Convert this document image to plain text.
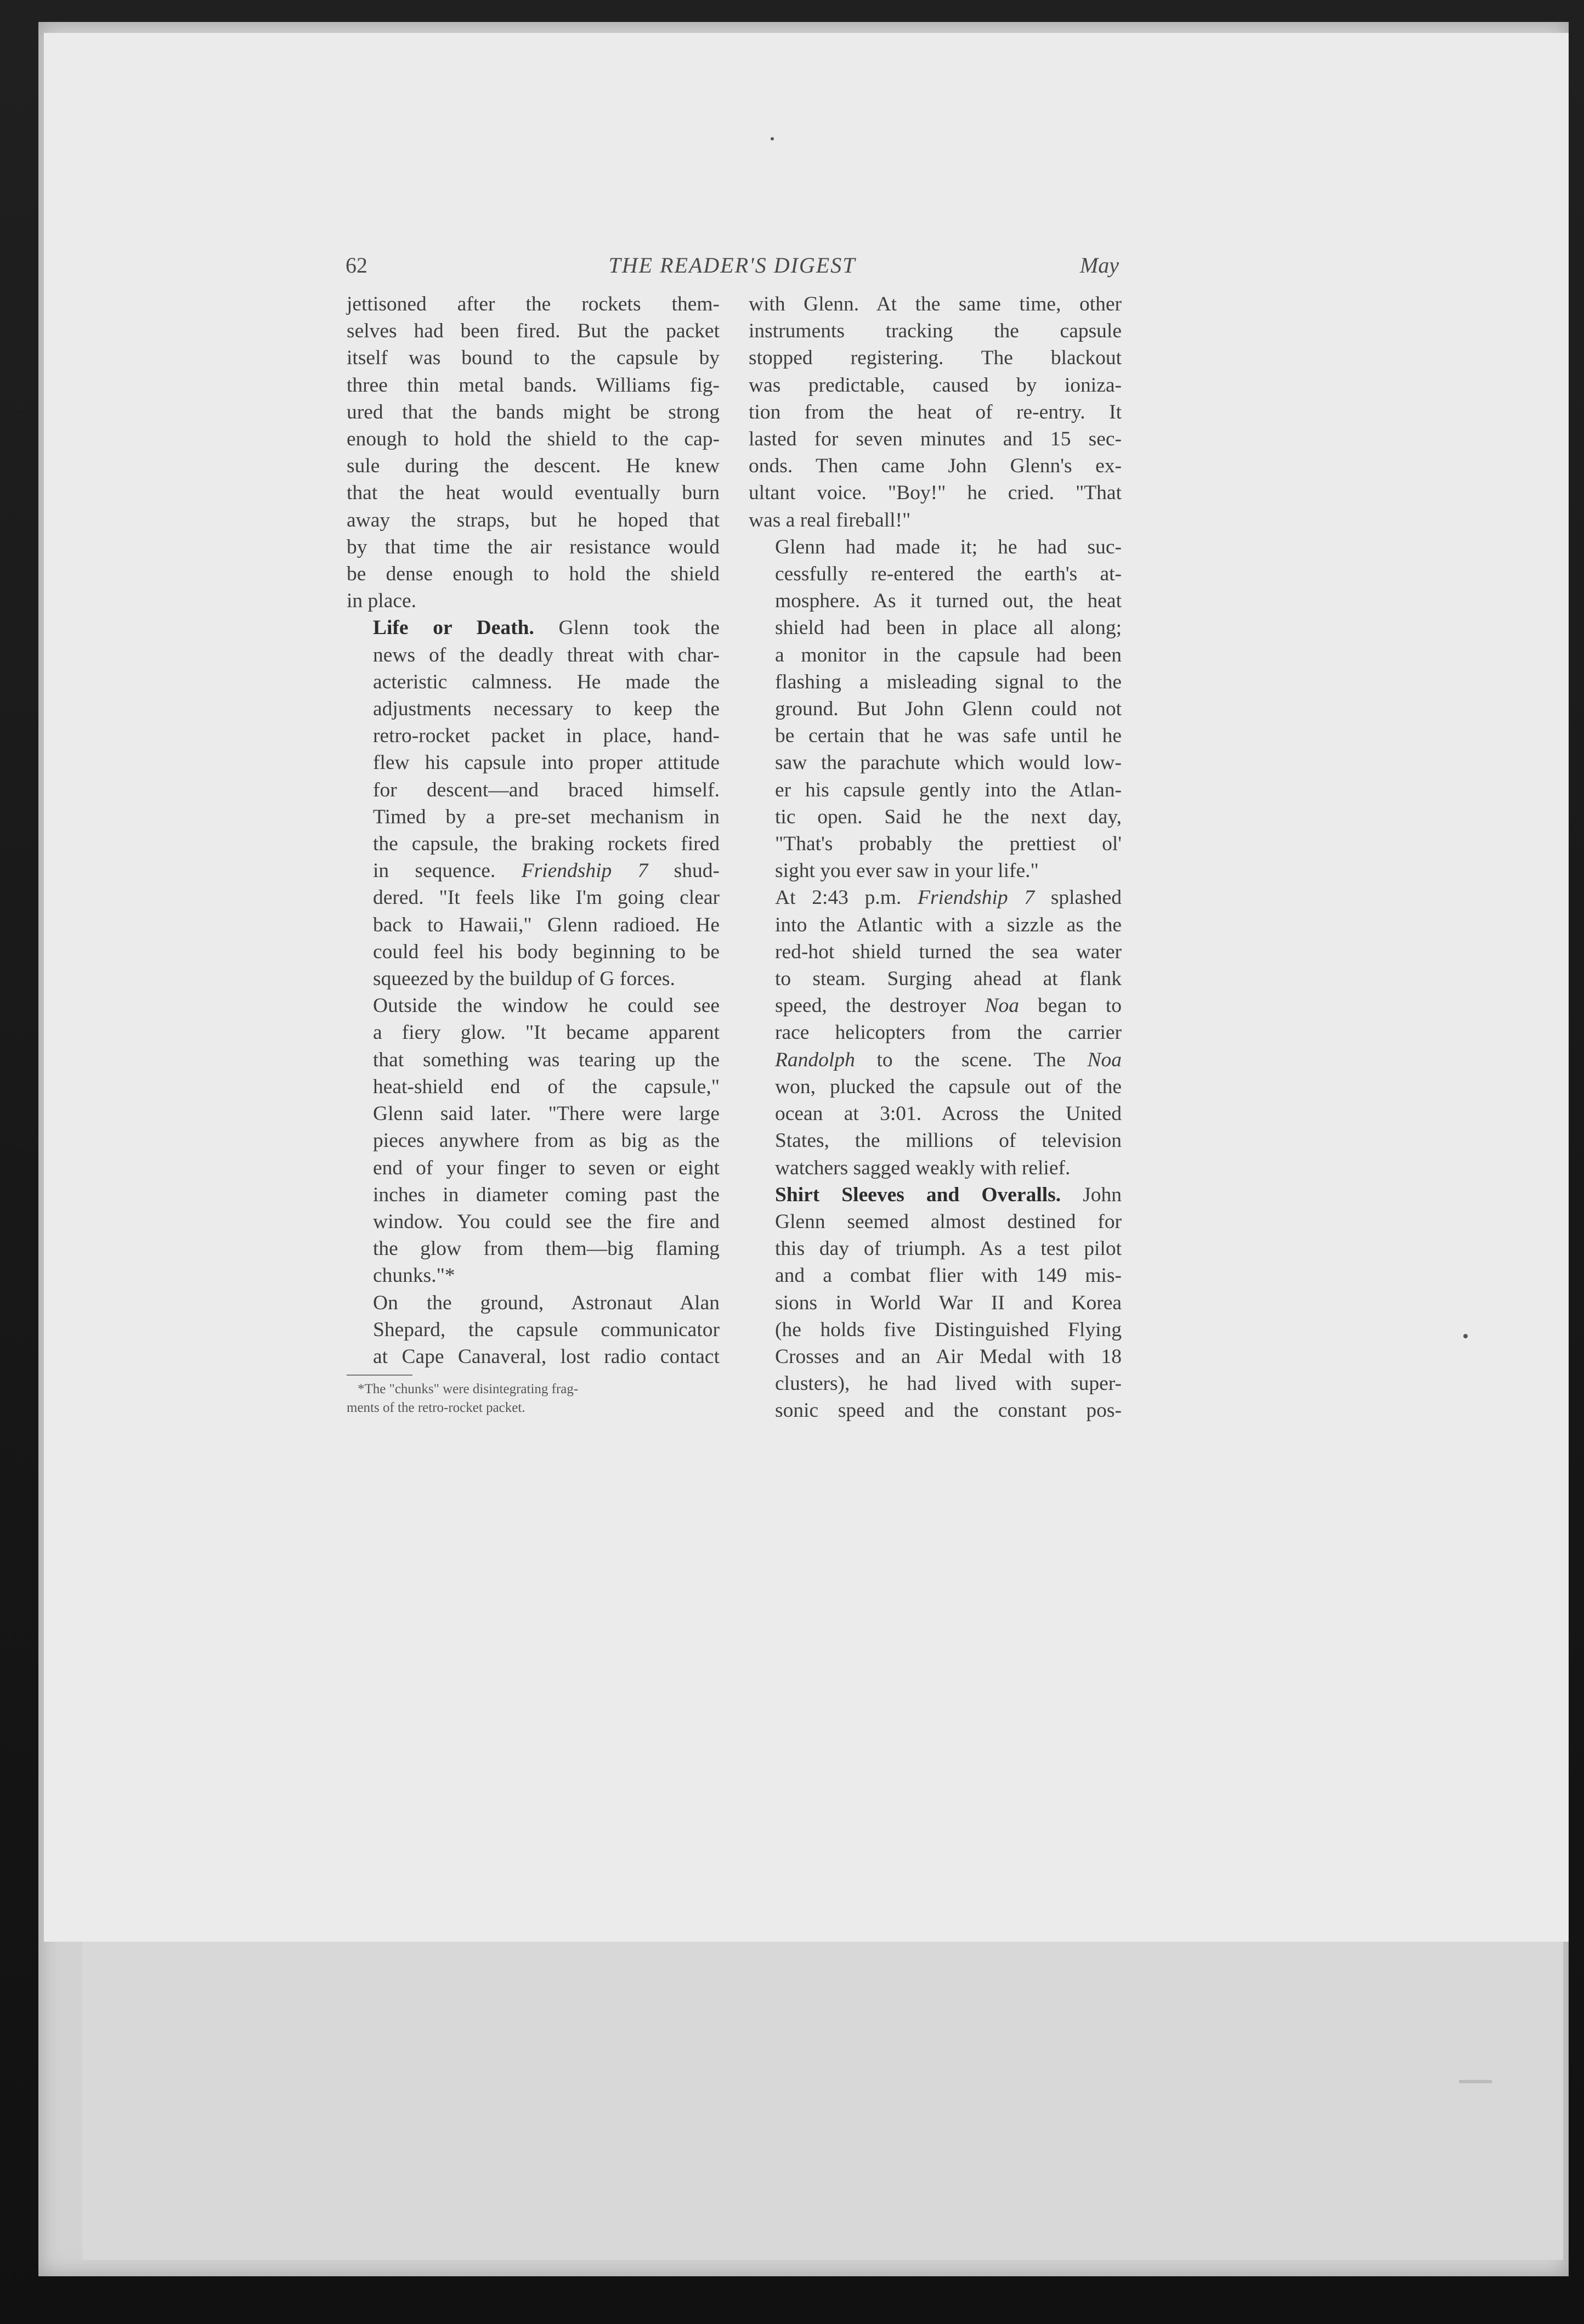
62	THE READER'S DIGEST	May

jettisoned after the rockets them-
selves had been fired. But the packet
itself was bound to the capsule by
three thin metal bands. Williams fig-
ured that the bands might be strong
enough to hold the shield to the cap-
sule during the descent. He knew
that the heat would eventually burn
away the straps, but he hoped that
by that time the air resistance would
be dense enough to hold the shield
in place.

Life or Death. Glenn took the
news of the deadly threat with char-
acteristic calmness. He made the
adjustments necessary to keep the
retro-rocket packet in place, hand-
flew his capsule into proper attitude
for descent—and braced himself.
Timed by a pre-set mechanism in
the capsule, the braking rockets fired
in sequence. Friendship 7 shud-
dered. "It feels like I'm going clear
back to Hawaii," Glenn radioed. He
could feel his body beginning to be
squeezed by the buildup of G forces.

Outside the window he could see
a fiery glow. "It became apparent
that something was tearing up the
heat-shield end of the capsule,"
Glenn said later. "There were large
pieces anywhere from as big as the
end of your finger to seven or eight
inches in diameter coming past the
window. You could see the fire and
the glow from them—big flaming
chunks."*

On the ground, Astronaut Alan
Shepard, the capsule communicator
at Cape Canaveral, lost radio contact

*The "chunks" were disintegrating frag-
ments of the retro-rocket packet.

with Glenn. At the same time, other
instruments tracking the capsule
stopped registering. The blackout
was predictable, caused by ioniza-
tion from the heat of re-entry. It
lasted for seven minutes and 15 sec-
onds. Then came John Glenn's ex-
ultant voice. "Boy!" he cried. "That
was a real fireball!"

Glenn had made it; he had suc-
cessfully re-entered the earth's at-
mosphere. As it turned out, the heat
shield had been in place all along;
a monitor in the capsule had been
flashing a misleading signal to the
ground. But John Glenn could not
be certain that he was safe until he
saw the parachute which would low-
er his capsule gently into the Atlan-
tic open. Said he the next day,
"That's probably the prettiest ol'
sight you ever saw in your life."

At 2:43 p.m. Friendship 7 splashed
into the Atlantic with a sizzle as the
red-hot shield turned the sea water
to steam. Surging ahead at flank
speed, the destroyer Noa began to
race helicopters from the carrier
Randolph to the scene. The Noa
won, plucked the capsule out of the
ocean at 3:01. Across the United
States, the millions of television
watchers sagged weakly with relief.

Shirt Sleeves and Overalls. John
Glenn seemed almost destined for
this day of triumph. As a test pilot
and a combat flier with 149 mis-
sions in World War II and Korea
(he holds five Distinguished Flying
Crosses and an Air Medal with 18
clusters), he had lived with super-
sonic speed and the constant pos-
